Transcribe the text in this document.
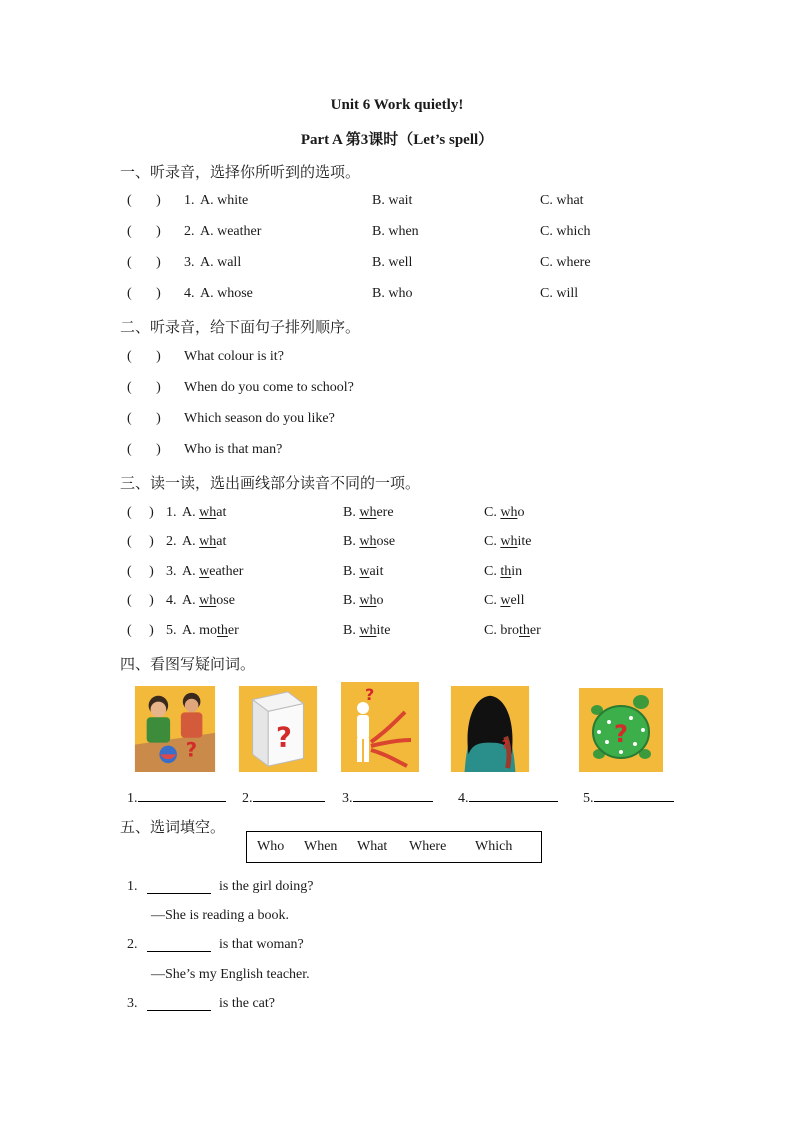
Unit 6 Work quietly!
Part A 第3课时（Let’s spell）
一、听录音，选择你所听到的选项。
(       ) 1. A. white	B. wait	C. what
(       ) 2. A. weather	B. when	C. which
(       ) 3. A. wall	B. well	C. where
(       ) 4. A. whose	B. who	C. will
二、听录音，给下面句子排列顺序。
(       ) What colour is it?
(       ) When do you come to school?
(       ) Which season do you like?
(       ) Who is that man?
三、读一读，选出画线部分读音不同的一项。
(     ) 1. A. what	B. where	C. who
(     ) 2. A. what	B. whose	C. white
(     ) 3. A. weather	B. wait	C. thin
(     ) 4. A. whose	B. who	C. well
(     ) 5. A. mother	B. white	C. brother
四、看图写疑问词。
?	?
?
?	?
1.	2.	3.	4.	5.
五、选词填空。
Who When What Where Which
1.	is the girl doing?
—She is reading a book.
2.	is that woman?
—She’s my English teacher.
3.	is the cat?
